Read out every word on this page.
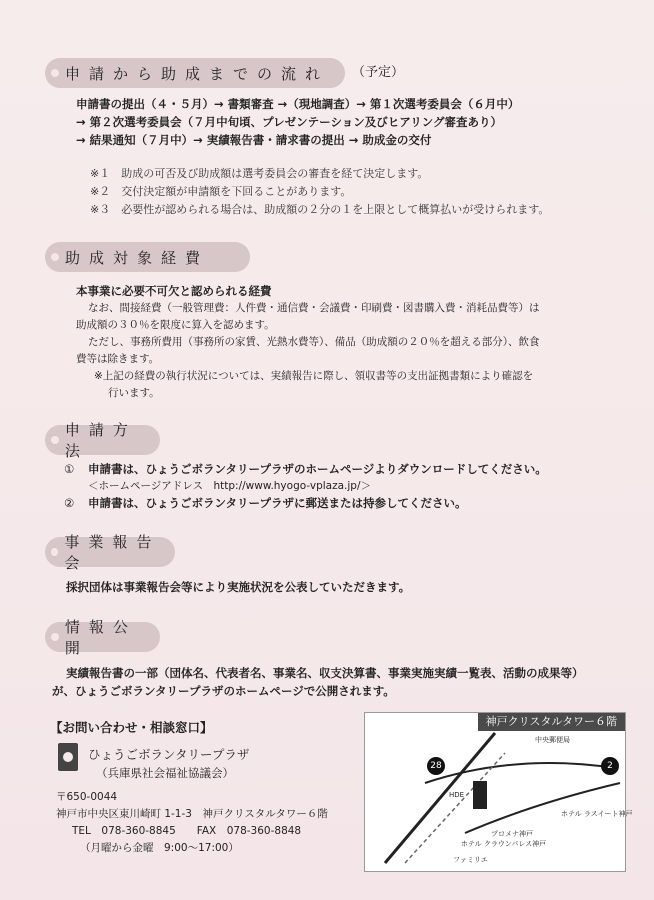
申請から助成までの流れ （予定）
申請書の提出（４・５月）→ 書類審査 →（現地調査）→ 第１次選考委員会（６月中）
→ 第２次選考委員会（７月中旬頃、プレゼンテーション及びヒアリング審査あり）
→ 結果通知（７月中）→ 実績報告書・請求書の提出 → 助成金の交付
※１　助成の可否及び助成額は選考委員会の審査を経て決定します。
※２　交付決定額が申請額を下回ることがあります。
※３　必要性が認められる場合は、助成額の２分の１を上限として概算払いが受けられます。
助成対象経費
本事業に必要不可欠と認められる経費
なお、間接経費（一般管理費：人件費・通信費・会議費・印刷費・図書購入費・消耗品費等）は
助成額の３０％を限度に算入を認めます。
ただし、事務所費用（事務所の家賃、光熱水費等）、備品（助成額の２０％を超える部分）、飲食
費等は除きます。
※上記の経費の執行状況については、実績報告に際し、領収書等の支出証拠書類により確認を
行います。
申請方法
① 申請書は、ひょうごボランタリープラザのホームページよりダウンロードしてください。
＜ホームページアドレス　http://www.hyogo-vplaza.jp/＞
② 申請書は、ひょうごボランタリープラザに郵送または持参してください。
事業報告会
採択団体は事業報告会等により実施状況を公表していただきます。
情報公開
実績報告書の一部（団体名、代表者名、事業名、収支決算書、事業実施実績一覧表、活動の成果等）
が、ひょうごボランタリープラザのホームページで公開されます。
【お問い合わせ・相談窓口】
ひょうごボランタリープラザ
（兵庫県社会福祉協議会）
〒650-0044
神戸市中央区東川崎町 1-1-3　神戸クリスタルタワー６階
TEL　078-360-8845　　FAX　078-360-8848
（月曜から金曜　9:00～17:00）
神戸クリスタルタワー６階
28	2
中央郵便局
ホテル ラスイート神戸
プロメナ神戸
ファミリエ
HDE
ホテル クラウンパレス神戸
